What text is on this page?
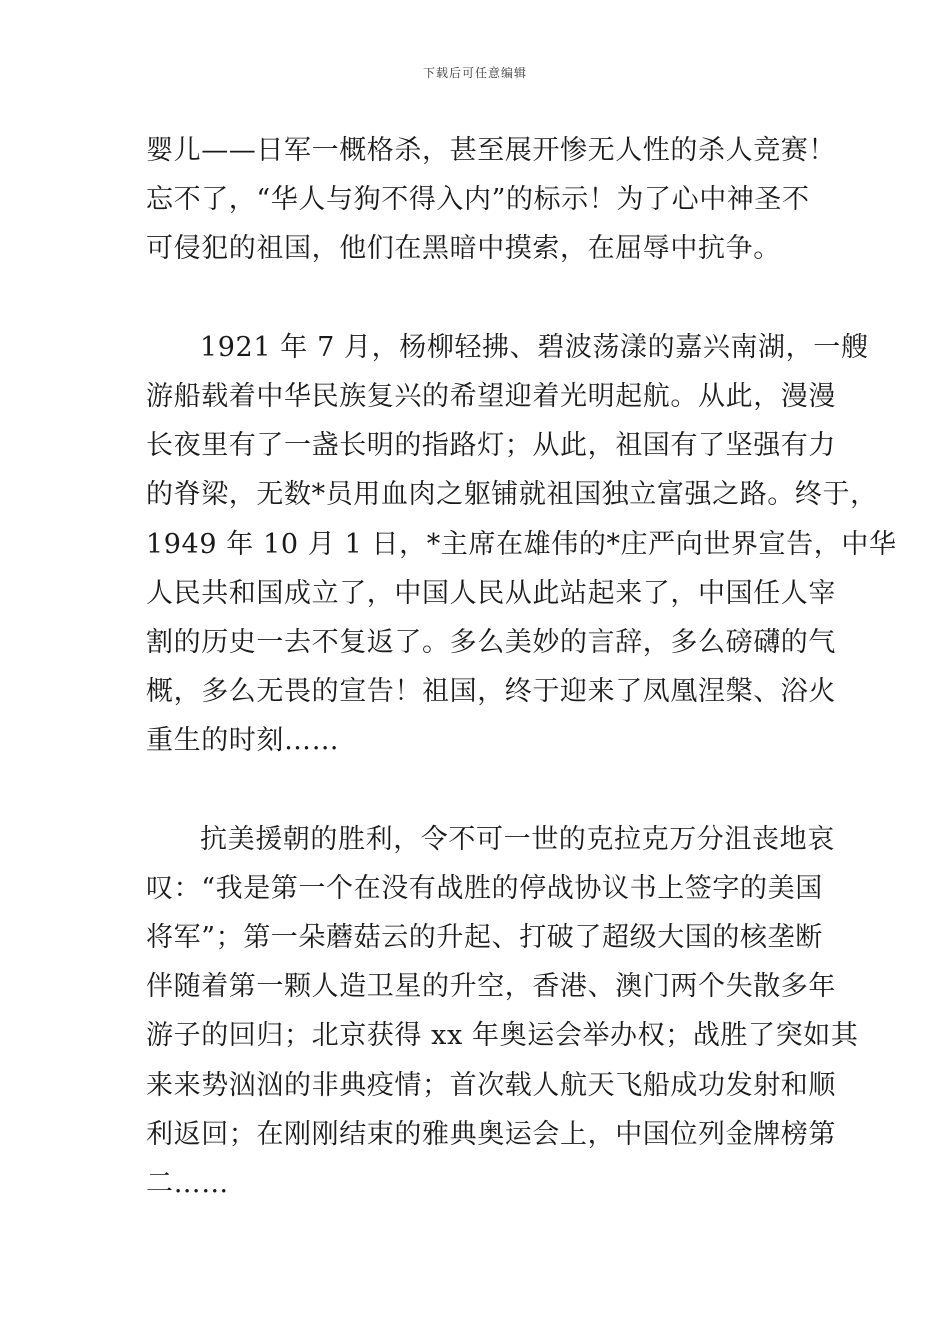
下载后可任意编辑
婴儿——日军一概格杀，甚至展开惨无人性的杀人竞赛！
忘不了，“华人与狗不得入内”的标示！为了心中神圣不
可侵犯的祖国，他们在黑暗中摸索，在屈辱中抗争。
1921 年 7 月，杨柳轻拂、碧波荡漾的嘉兴南湖，一艘
游船载着中华民族复兴的希望迎着光明起航。从此，漫漫
长夜里有了一盏长明的指路灯；从此，祖国有了坚强有力
的脊梁，无数*员用血肉之躯铺就祖国独立富强之路。终于，
1949 年 10 月 1 日，*主席在雄伟的*庄严向世界宣告，中华
人民共和国成立了，中国人民从此站起来了，中国任人宰
割的历史一去不复返了。多么美妙的言辞，多么磅礴的气
概，多么无畏的宣告！祖国，终于迎来了凤凰涅槃、浴火
重生的时刻……
抗美援朝的胜利，令不可一世的克拉克万分沮丧地哀
叹：“我是第一个在没有战胜的停战协议书上签字的美国
将军”；第一朵蘑菇云的升起、打破了超级大国的核垄断
伴随着第一颗人造卫星的升空，香港、澳门两个失散多年
游子的回归；北京获得 xx 年奥运会举办权；战胜了突如其
来来势汹汹的非典疫情；首次载人航天飞船成功发射和顺
利返回；在刚刚结束的雅典奥运会上，中国位列金牌榜第
二……
